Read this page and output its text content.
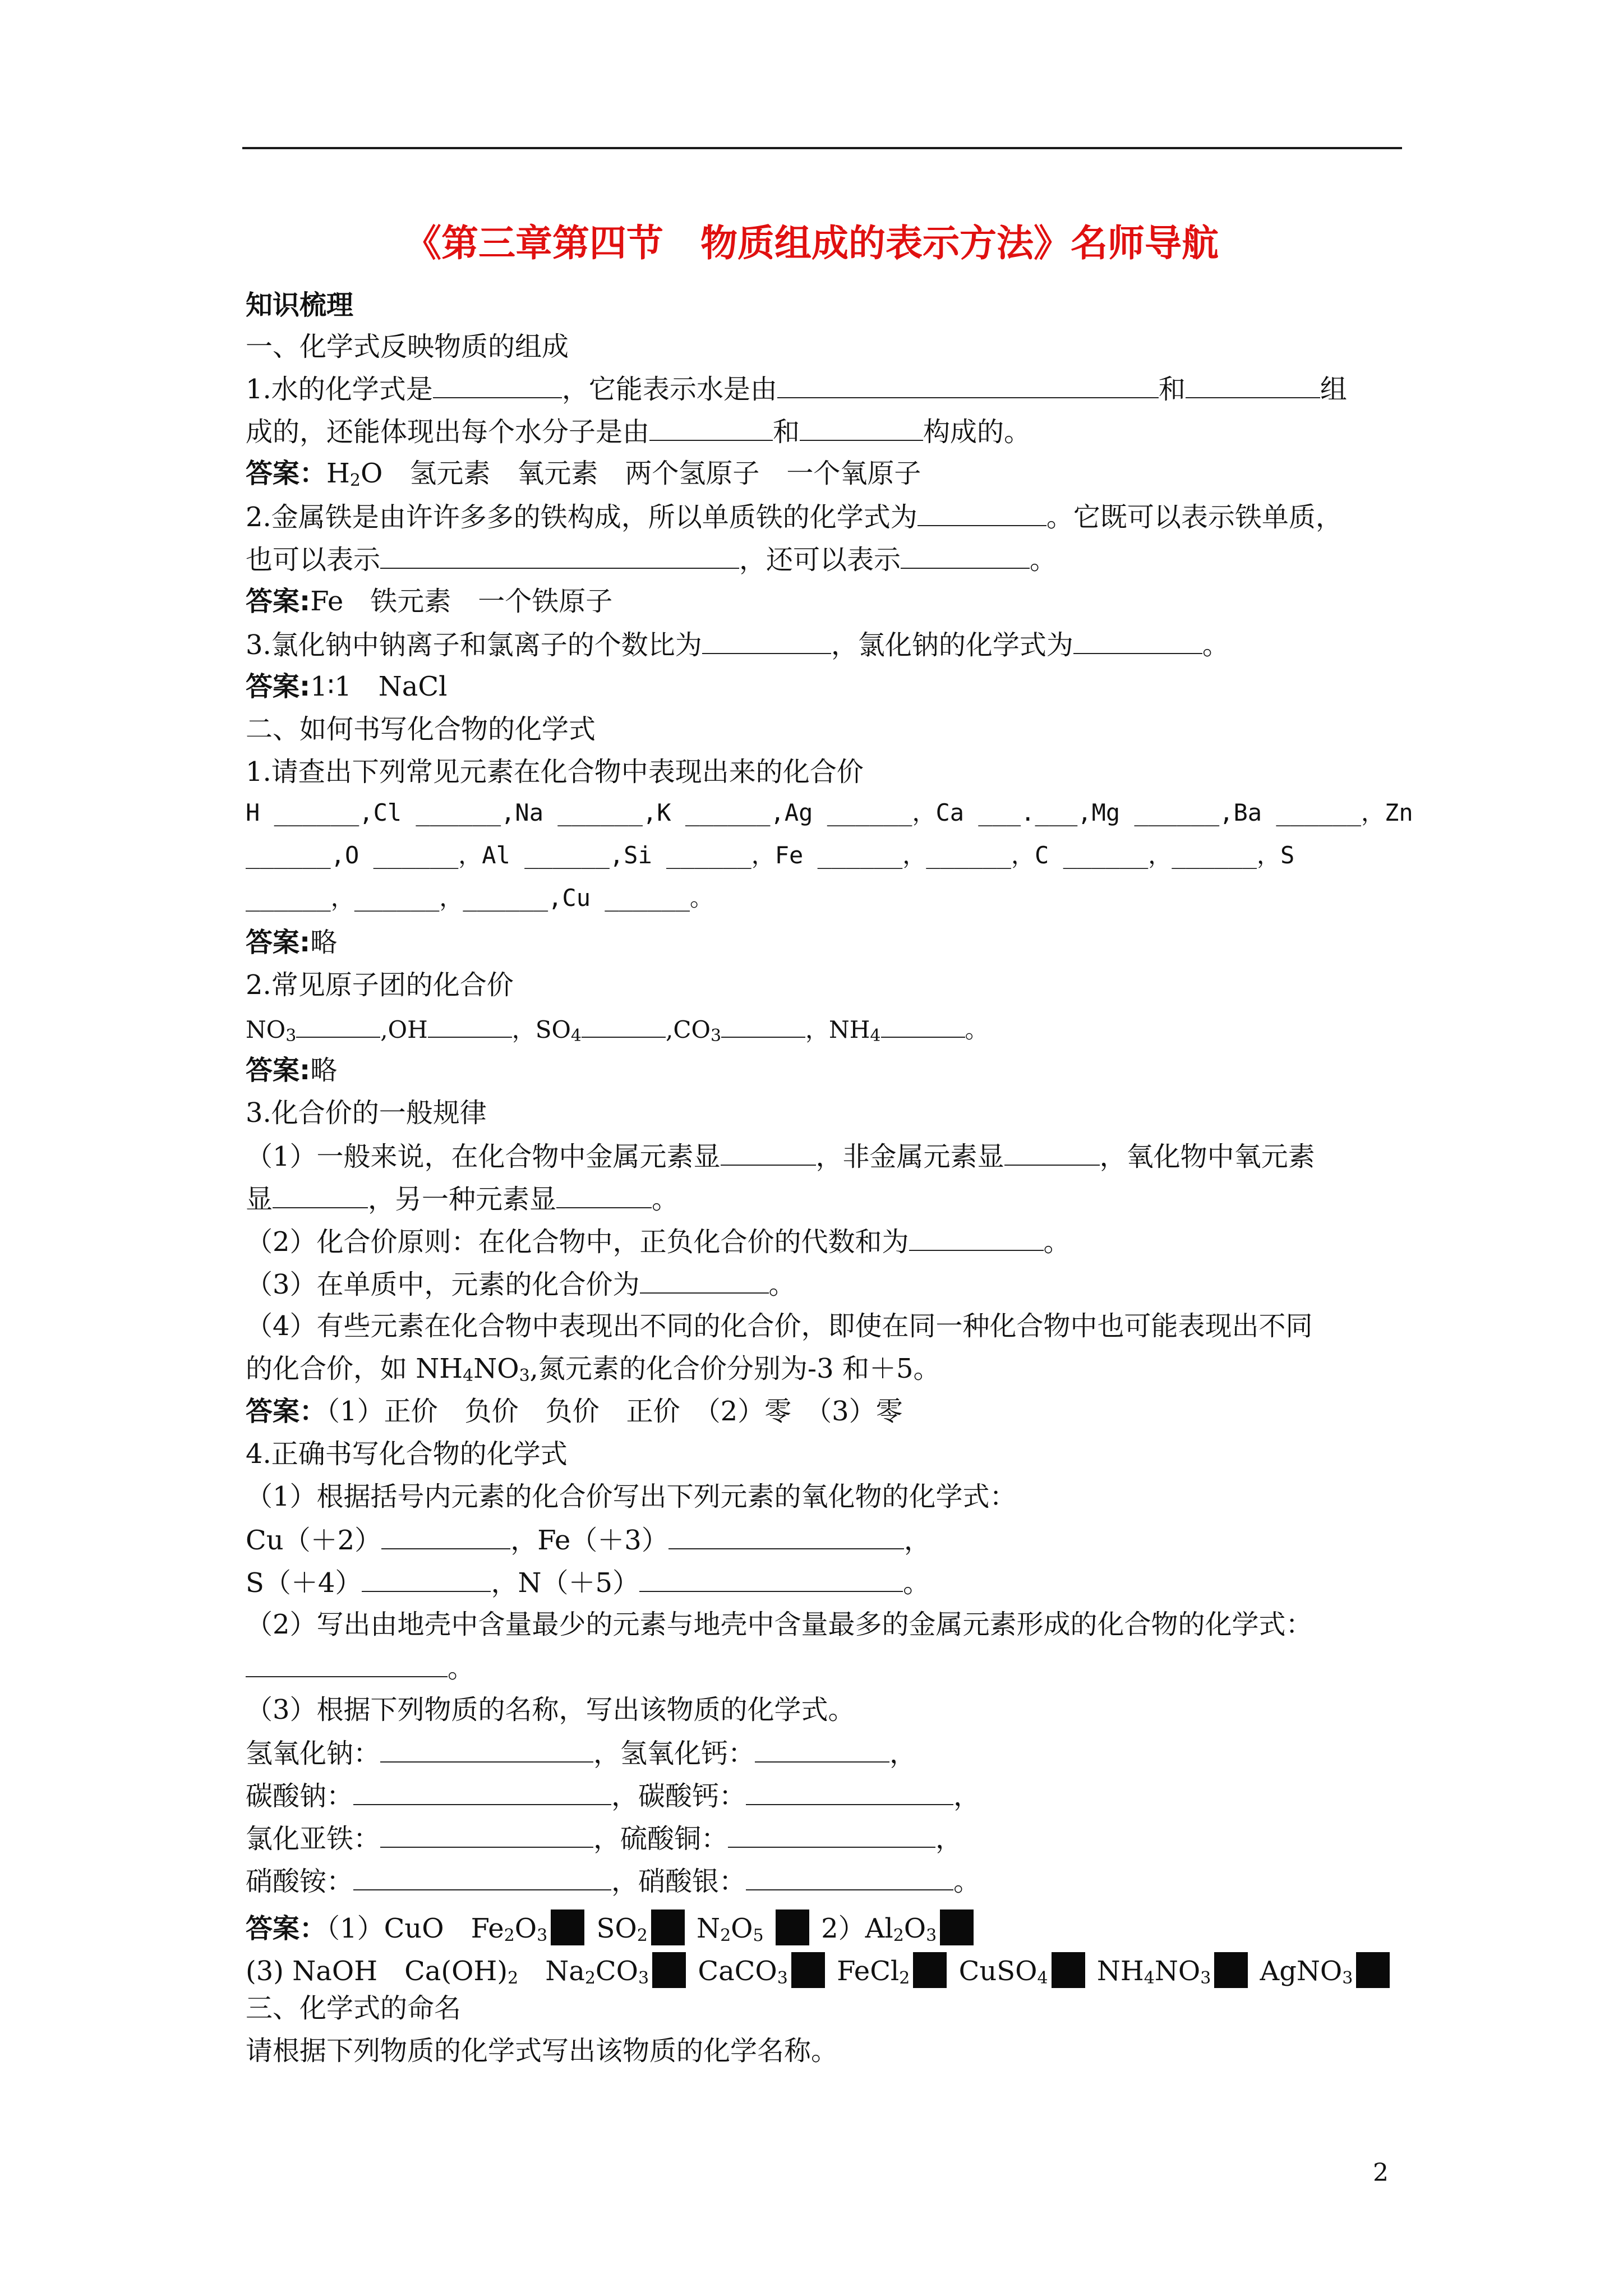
《第三章第四节　物质组成的表示方法》名师导航
知识梳理
一、化学式反映物质的组成
1.水的化学式是	，它能表示水是由	和	组
成的，还能体现出每个水分子是由	和	构成的。
答案：$H_2O$　氢元素　氧元素　两个氢原子　一个氧原子
2.金属铁是由许许多多的铁构成，所以单质铁的化学式为	。它既可以表示铁单质，
也可以表示	，还可以表示	。
答案:Fe　铁元素　一个铁原子
3.氯化钠中钠离子和氯离子的个数比为	，氯化钠的化学式为	。
答案:1∶1　NaCl
二、如何书写化合物的化学式
1.请查出下列常见元素在化合物中表现出来的化合价
H ______,Cl ______,Na ______,K ______,Ag ______，Ca ___.___,Mg ______,Ba ______，Zn
______,O ______，Al ______,Si ______，Fe ______，______，C ______，______，S
______，______，______,Cu ______。
答案:略
2.常见原子团的化合价
$NO_3$	,OH	，$SO_4$	$,CO_3$	，$NH_4$	。
答案:略
3.化合价的一般规律
（1）一般来说，在化合物中金属元素显	，非金属元素显	，氧化物中氧元素
显	，另一种元素显	。
（2）化合价原则：在化合物中，正负化合价的代数和为	。
（3）在单质中，元素的化合价为	。
（4）有些元素在化合物中表现出不同的化合价，即使在同一种化合物中也可能表现出不同
的化合价，如 $NH_4NO_3$,氮元素的化合价分别为-3 和＋5。
答案：（1）正价　负价　负价　正价　（2）零　（3）零
4.正确书写化合物的化学式
（1）根据括号内元素的化合价写出下列元素的氧化物的化学式：
Cu（＋2）	，Fe（＋3）	，
S（＋4）	，N（＋5）	。
（2）写出由地壳中含量最少的元素与地壳中含量最多的金属元素形成的化合物的化学式：
。
（3）根据下列物质的名称，写出该物质的化学式。
氢氧化钠：	，氢氧化钙：	，
碳酸钠：	，碳酸钙：	，
氯化亚铁：	，硫酸铜：	，
硝酸铵：	，硝酸银：	。
答案：（1）CuO　$Fe_2O_3$ $SO_2$ $N_2O_5$  $2)Al_2O_3$
(3) NaOH　$Ca(OH)_2$　$Na_2CO_3$ CaCO$_3$ FeCl$_2$ CuSO$_4$ $NH_4NO_3$ AgNO$_3$
三、化学式的命名
请根据下列物质的化学式写出该物质的化学名称。
2
